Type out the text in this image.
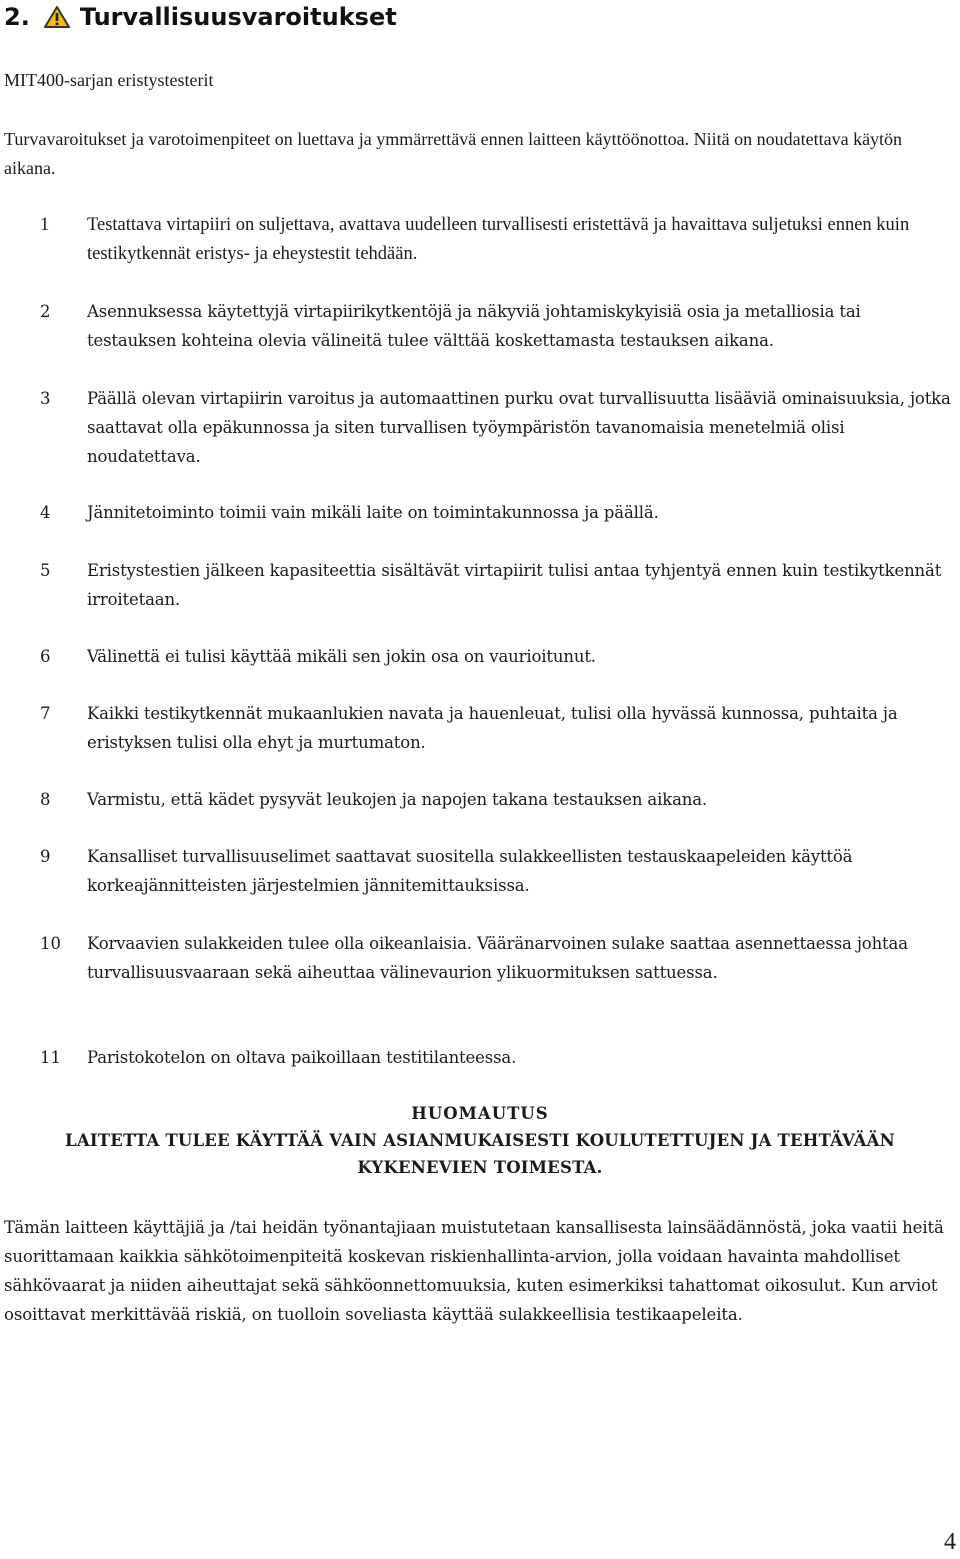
2. Turvallisuusvaroitukset
MIT400-sarjan eristystesterit
Turvavaroitukset ja varotoimenpiteet on luettava ja ymmärrettävä ennen laitteen käyttöönottoa. Niitä on noudatettava käytön aikana.
1	Testattava virtapiiri on suljettava, avattava uudelleen turvallisesti eristettävä ja havaittava suljetuksi ennen kuin testikytkennät eristys- ja eheystestit tehdään.
2	Asennuksessa käytettyjä virtapiirikytkentöjä ja näkyviä johtamiskykyisiä osia ja metalliosia tai testauksen kohteina olevia välineitä tulee välttää koskettamasta testauksen aikana.
3	Päällä olevan virtapiirin varoitus ja automaattinen purku ovat turvallisuutta lisääviä ominaisuuksia, jotka saattavat olla epäkunnossa ja siten turvallisen työympäristön tavanomaisia menetelmiä olisi noudatettava.
4	Jännitetoiminto toimii vain mikäli laite on toimintakunnossa ja päällä.
5	Eristystestien jälkeen kapasiteettia sisältävät virtapiirit tulisi antaa tyhjentyä ennen kuin testikytkennät irroitetaan.
6	Välinettä ei tulisi käyttää mikäli sen jokin osa on vaurioitunut.
7	Kaikki testikytkennät mukaanlukien navata ja hauenleuat, tulisi olla hyvässä kunnossa, puhtaita ja eristyksen tulisi olla ehyt ja murtumaton.
8	Varmistu, että kädet pysyvät leukojen ja napojen takana testauksen aikana.
9	Kansalliset turvallisuuselimet saattavat suositella sulakkeellisten testauskaapeleiden käyttöä korkeajännitteisten järjestelmien jännitemittauksissa.
10	Korvaavien sulakkeiden tulee olla oikeanlaisia. Vääränarvoinen sulake saattaa asennettaessa johtaa turvallisuusvaaraan sekä aiheuttaa välinevaurion ylikuormituksen sattuessa.
11	Paristokotelon on oltava paikoillaan testitilanteessa.
HUOMAUTUS
LAITETTA TULEE KÄYTTÄÄ VAIN ASIANMUKAISESTI KOULUTETTUJEN JA TEHTÄVÄÄN
KYKENEVIEN TOIMESTA.
Tämän laitteen käyttäjiä ja /tai heidän työnantajiaan muistutetaan kansallisesta lainsäädännöstä, joka vaatii heitä suorittamaan kaikkia sähkötoimenpiteitä koskevan riskienhallinta-arvion, jolla voidaan havainta mahdolliset sähkövaarat ja niiden aiheuttajat sekä sähköonnettomuuksia, kuten esimerkiksi tahattomat oikosulut. Kun arviot osoittavat merkittävää riskiä, on tuolloin soveliasta käyttää sulakkeellisia testikaapeleita.
4
